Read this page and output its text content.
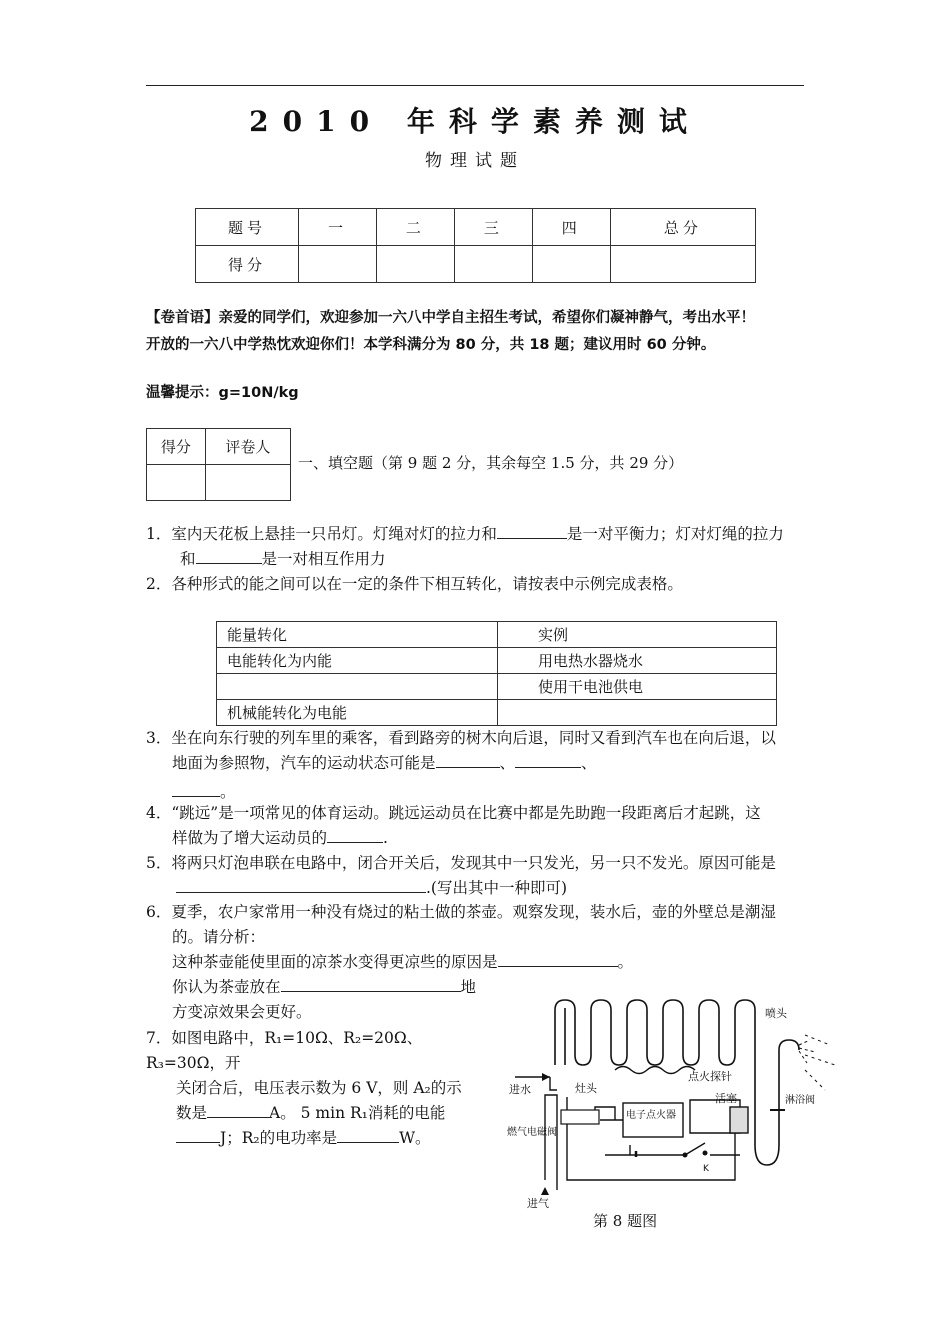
2010 年科学素养测试
物理试题
题号	一	二	三	四	总分
得分					
【卷首语】亲爱的同学们，欢迎参加一六八中学自主招生考试，希望你们凝神静气，考出水平！
开放的一六八中学热忱欢迎你们！本学科满分为 80 分，共 18 题；建议用时 60 分钟。
温馨提示：g=10N/kg
得分	评卷人

一、填空题（第 9 题 2 分，其余每空 1.5 分，共 29 分）
1．室内天花板上悬挂一只吊灯。灯绳对灯的拉力和	是一对平衡力；灯对灯绳的拉力
和	是一对相互作用力
2．各种形式的能之间可以在一定的条件下相互转化，请按表中示例完成表格。
能量转化	实例
电能转化为内能	用电热水器烧水
	使用干电池供电
机械能转化为电能	
3．坐在向东行驶的列车里的乘客，看到路旁的树木向后退，同时又看到汽车也在向后退，以
地面为参照物，汽车的运动状态可能是	、	、
。
4．“跳远”是一项常见的体育运动。跳远运动员在比赛中都是先助跑一段距离后才起跳，这
样做为了增大运动员的	.
5．将两只灯泡串联在电路中，闭合开关后，发现其中一只发光，另一只不发光。原因可能是
.(写出其中一种即可)
6．夏季，农户家常用一种没有烧过的粘土做的茶壶。观察发现，装水后，壶的外壁总是潮湿
的。请分析：
这种茶壶能使里面的凉茶水变得更凉些的原因是	。
你认为茶壶放在	地
方变凉效果会更好。
7．如图电路中，R₁=10Ω、R₂=20Ω、R₃=30Ω，开
关闭合后，电压表示数为 6 V，则 A₂的示
数是	A。 5 min R₁消耗的电能
J；R₂的电功率是	W。
进水	灶头
点火探针
电子点火器
活塞
喷头
淋浴阀
燃气电磁阀
进气
K
第 8 题图
